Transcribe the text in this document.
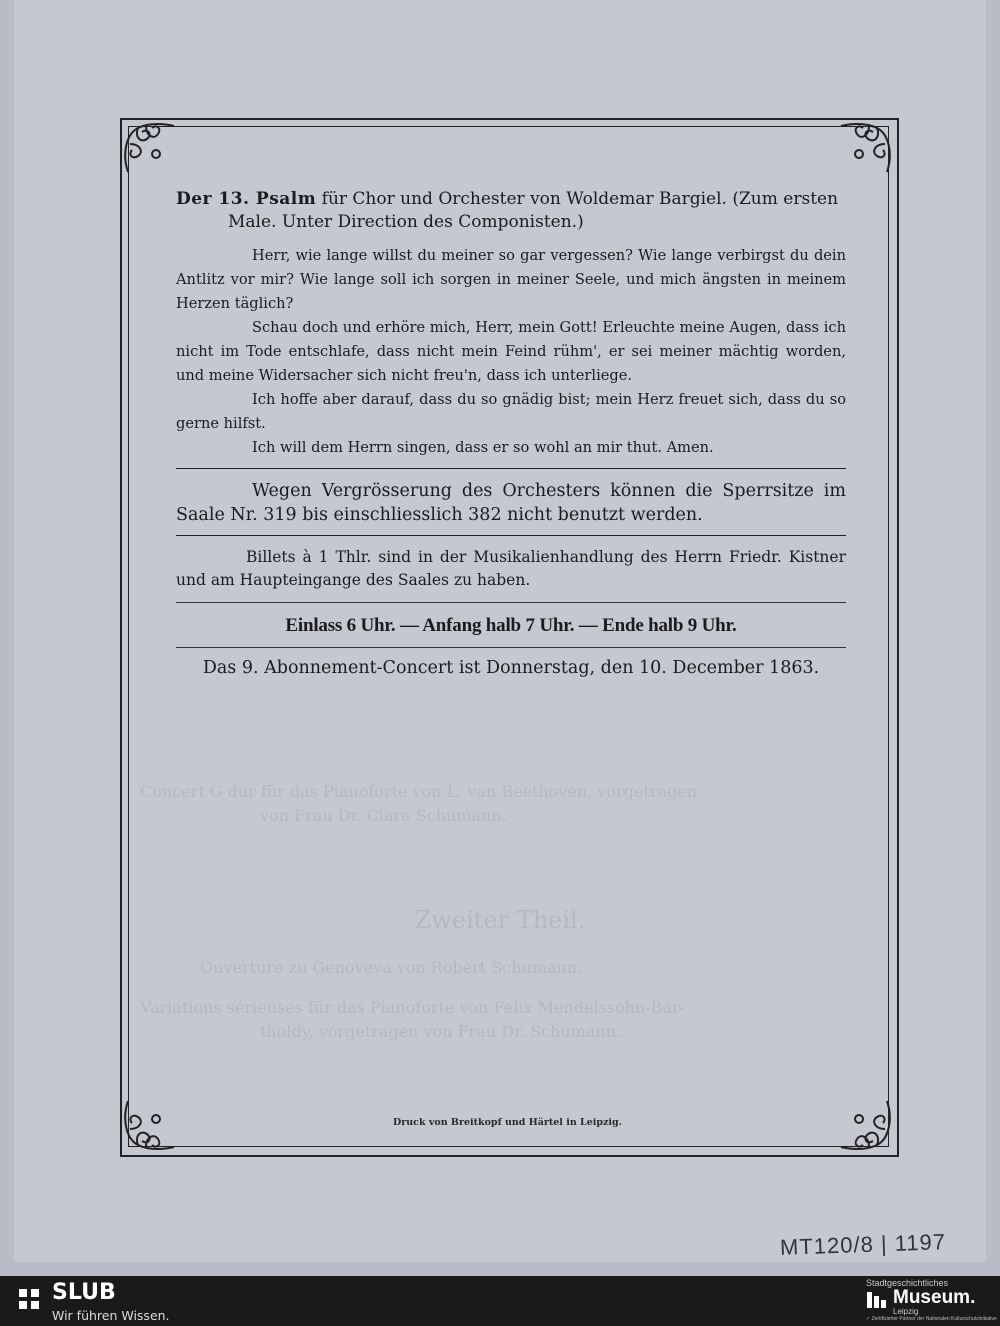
Concert G dur für das Pianoforte von L. van Beethoven, vorgetragen
von Frau Dr. Clara Schumann.
Zweiter Theil.
Ouverture zu Genoveva von Robert Schumann.
Variations sérieuses für das Pianoforte von Felix Mendelssohn-Bar-
tholdy, vorgetragen von Frau Dr. Schumann.

Der 13. Psalm für Chor und Orchester von Woldemar Bargiel. (Zum ersten Male. Unter Direction des Componisten.)

Herr, wie lange willst du meiner so gar vergessen? Wie lange verbirgst du dein Antlitz vor mir? Wie lange soll ich sorgen in meiner Seele, und mich ängsten in meinem Herzen täglich?

Schau doch und erhöre mich, Herr, mein Gott! Erleuchte meine Augen, dass ich nicht im Tode entschlafe, dass nicht mein Feind rühm', er sei meiner mächtig worden, und meine Widersacher sich nicht freu'n, dass ich unterliege.

Ich hoffe aber darauf, dass du so gnädig bist; mein Herz freuet sich, dass du so gerne hilfst.

Ich will dem Herrn singen, dass er so wohl an mir thut. Amen.

Wegen Vergrösserung des Orchesters können die Sperrsitze im Saale Nr. 319 bis einschliesslich 382 nicht benutzt werden.

Billets à 1 Thlr. sind in der Musikalienhandlung des Herrn Friedr. Kistner und am Haupteingange des Saales zu haben.

Einlass 6 Uhr. — Anfang halb 7 Uhr. — Ende halb 9 Uhr.
Das 9. Abonnement-Concert ist Donnerstag, den 10. December 1863.
Druck von Breitkopf und Härtel in Leipzig.
MT120/8 | 1197
SLUB
Wir führen Wissen.
Stadtgeschichtliches
Museum.
Leipzig
✓ Zertifizierter Partner der Nationalen Kulturschutzinitiative
